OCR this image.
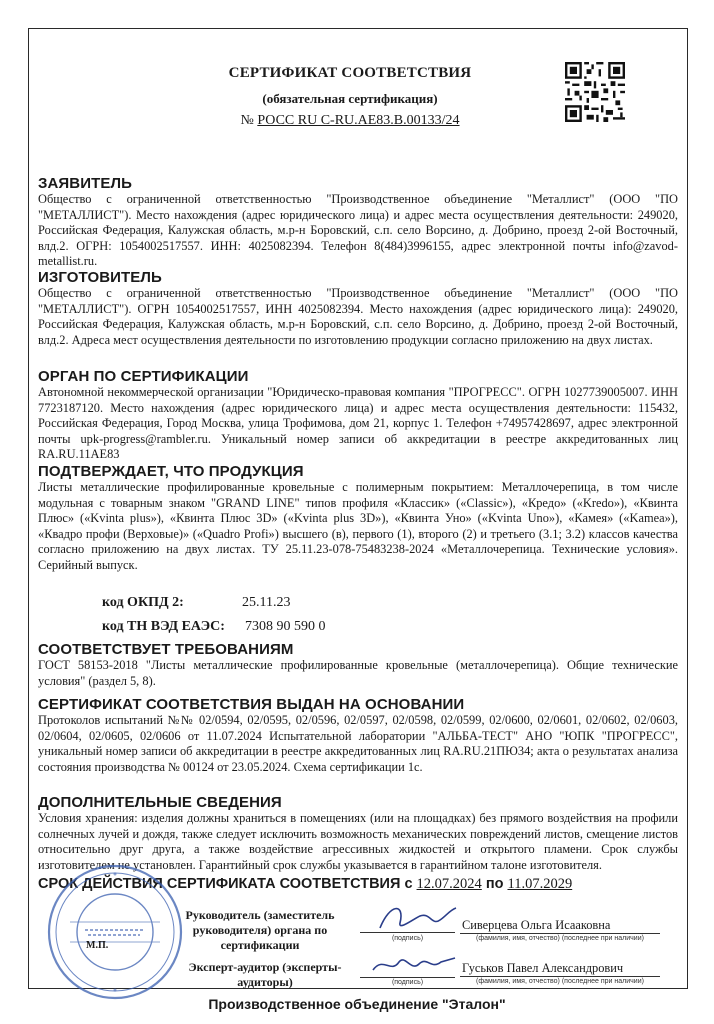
СЕРТИФИКАТ СООТВЕТСТВИЯ
(обязательная сертификация)
№ РОСС RU C-RU.АЕ83.В.00133/24
ЗАЯВИТЕЛЬ
Общество с ограниченной ответственностью "Производственное объединение "Металлист" (ООО "ПО "МЕТАЛЛИСТ"). Место нахождения (адрес юридического лица) и адрес места осуществления деятельности: 249020, Российская Федерация, Калужская область, м.р-н Боровский, с.п. село Ворсино, д. Добрино, проезд 2-ой Восточный, влд.2. ОГРН: 1054002517557. ИНН: 4025082394. Телефон 8(484)3996155, адрес электронной почты info@zavod-metallist.ru.
ИЗГОТОВИТЕЛЬ
Общество с ограниченной ответственностью "Производственное объединение "Металлист" (ООО "ПО "МЕТАЛЛИСТ"). ОГРН 1054002517557, ИНН 4025082394. Место нахождения (адрес юридического лица): 249020, Российская Федерация, Калужская область, м.р-н Боровский, с.п. село Ворсино, д. Добрино, проезд 2-ой Восточный, влд.2. Адреса мест осуществления деятельности по изготовлению продукции согласно приложению на двух листах.
ОРГАН ПО СЕРТИФИКАЦИИ
Автономной некоммерческой организации "Юридическо-правовая компания "ПРОГРЕСС". ОГРН 1027739005007. ИНН 7723187120. Место нахождения (адрес юридического лица) и адрес места осуществления деятельности: 115432, Российская Федерация, Город Москва, улица Трофимова, дом 21, корпус 1. Телефон +74957428697, адрес электронной почты upk-progress@rambler.ru. Уникальный номер записи об аккредитации в реестре аккредитованных лиц RA.RU.11АЕ83
ПОДТВЕРЖДАЕТ, ЧТО ПРОДУКЦИЯ
Листы металлические профилированные кровельные с полимерным покрытием: Металлочерепица, в том числе модульная с товарным знаком "GRAND LINE" типов профиля «Классик» («Classic»), «Кредо» («Kredo»), «Квинта Плюс» («Kvinta plus»), «Квинта Плюс 3D» («Kvinta plus 3D»), «Квинта Уно» («Kvinta Uno»), «Камея» («Kamea»), «Квадро профи (Верховые)» («Quadro Profi») высшего (в), первого (1), второго (2) и третьего (3.1; 3.2) классов качества согласно приложению на двух листах. ТУ 25.11.23-078-75483238-2024 «Металлочерепица. Технические условия». Серийный выпуск.
код ОКПД 2:	25.11.23
код ТН ВЭД ЕАЭС: 7308 90 590 0
СООТВЕТСТВУЕТ ТРЕБОВАНИЯМ
ГОСТ 58153-2018 "Листы металлические профилированные кровельные (металлочерепица). Общие технические условия" (раздел 5, 8).
СЕРТИФИКАТ СООТВЕТСТВИЯ ВЫДАН НА ОСНОВАНИИ
Протоколов испытаний №№ 02/0594, 02/0595, 02/0596, 02/0597, 02/0598, 02/0599, 02/0600, 02/0601, 02/0602, 02/0603, 02/0604, 02/0605, 02/0606 от 11.07.2024 Испытательной лаборатории "АЛЬБА-ТЕСТ" АНО "ЮПК "ПРОГРЕСС", уникальный номер записи об аккредитации в реестре аккредитованных лиц RA.RU.21ПЮ34; акта о результатах анализа состояния производства № 00124 от 23.05.2024. Схема сертификации 1с.
ДОПОЛНИТЕЛЬНЫЕ СВЕДЕНИЯ
Условия хранения: изделия должны храниться в помещениях (или на площадках) без прямого воздействия на профили солнечных лучей и дождя, также следует исключить возможность механических повреждений листов, смещение листов относительно друг друга, а также воздействие агрессивных жидкостей и открытого пламени. Срок службы изготовителем не установлен. Гарантийный срок службы указывается в гарантийном талоне изготовителя.
СРОК ДЕЙСТВИЯ СЕРТИФИКАТА СООТВЕТСТВИЯ с 12.07.2024 по 11.07.2029
М.П.
Руководитель (заместитель руководителя) органа по сертификации	(подпись)
Сиверцева Ольга Исааковна
(фамилия, имя, отчество) (последнее при наличии)
Эксперт-аудитор (эксперты-аудиторы)	(подпись)
Гуськов Павел Александрович
(фамилия, имя, отчество) (последнее при наличии)
Производственное объединение "Эталон"
